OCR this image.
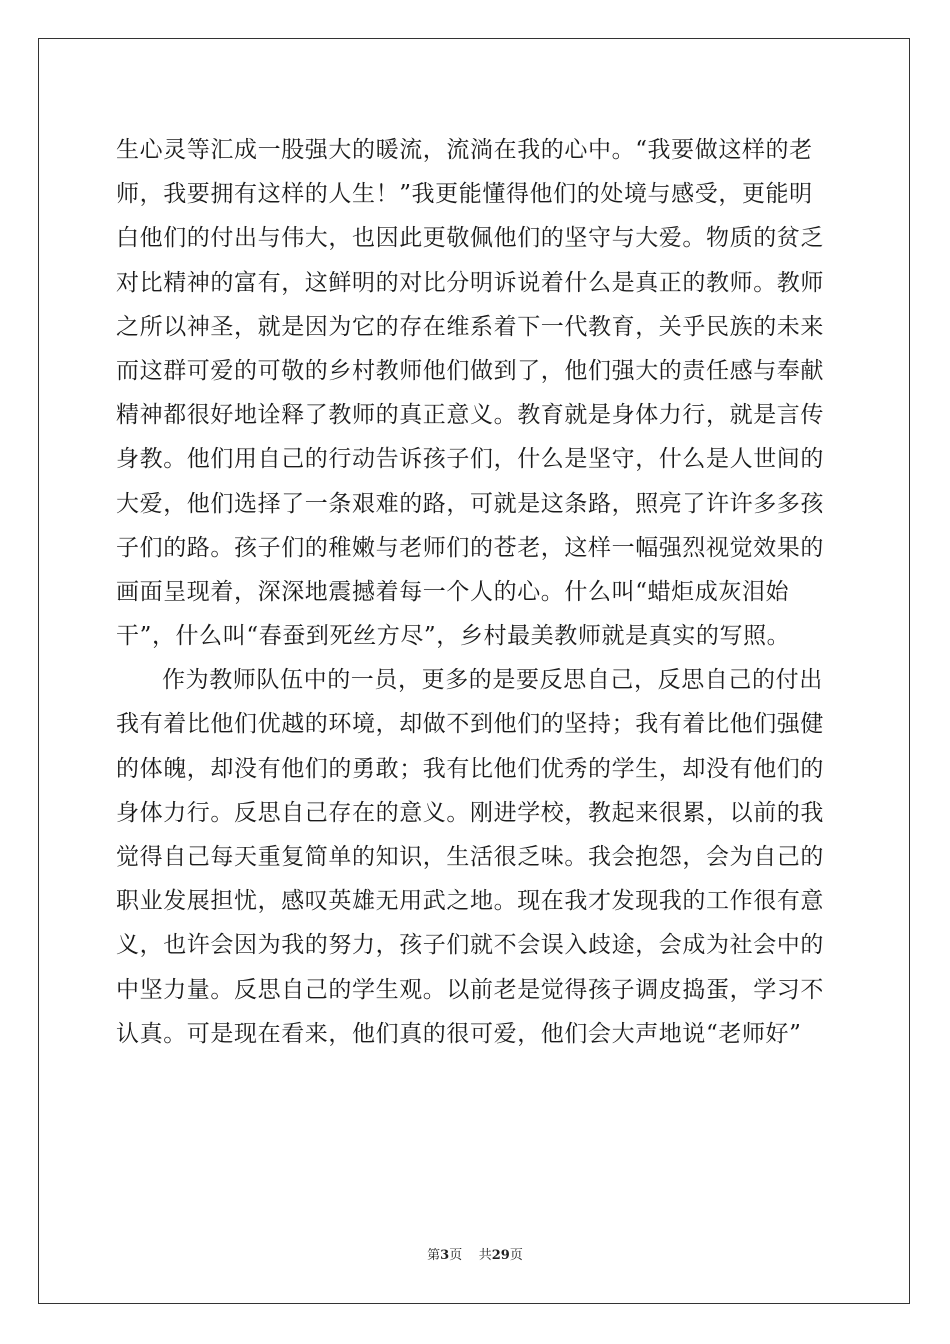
生心灵等汇成一股强大的暖流，流淌在我的心中。“我要做这样的老
师，我要拥有这样的人生！”我更能懂得他们的处境与感受，更能明
白他们的付出与伟大，也因此更敬佩他们的坚守与大爱。物质的贫乏
对比精神的富有，这鲜明的对比分明诉说着什么是真正的教师。教师
之所以神圣，就是因为它的存在维系着下一代教育，关乎民族的未来
而这群可爱的可敬的乡村教师他们做到了，他们强大的责任感与奉献
精神都很好地诠释了教师的真正意义。教育就是身体力行，就是言传
身教。他们用自己的行动告诉孩子们，什么是坚守，什么是人世间的
大爱，他们选择了一条艰难的路，可就是这条路，照亮了许许多多孩
子们的路。孩子们的稚嫩与老师们的苍老，这样一幅强烈视觉效果的
画面呈现着，深深地震撼着每一个人的心。什么叫“蜡炬成灰泪始
干”，什么叫“春蚕到死丝方尽”，乡村最美教师就是真实的写照。
作为教师队伍中的一员，更多的是要反思自己，反思自己的付出
我有着比他们优越的环境，却做不到他们的坚持；我有着比他们强健
的体魄，却没有他们的勇敢；我有比他们优秀的学生，却没有他们的
身体力行。反思自己存在的意义。刚进学校，教起来很累，以前的我
觉得自己每天重复简单的知识，生活很乏味。我会抱怨，会为自己的
职业发展担忧，感叹英雄无用武之地。现在我才发现我的工作很有意
义，也许会因为我的努力，孩子们就不会误入歧途，会成为社会中的
中坚力量。反思自己的学生观。以前老是觉得孩子调皮捣蛋，学习不
认真。可是现在看来，他们真的很可爱，他们会大声地说“老师好”
第3页 共29页
